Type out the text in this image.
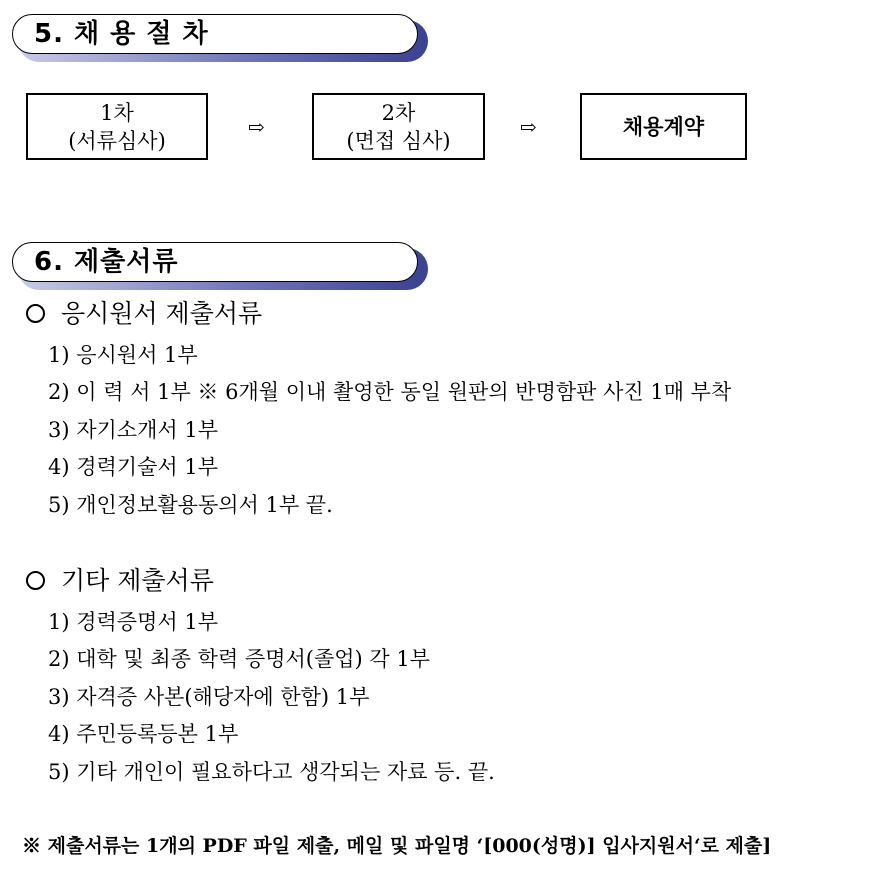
5. 채 용 절 차
1차
(서류심사)
⇨
2차
(면접 심사)
⇨	채용계약
6. 제출서류
응시원서 제출서류
1) 응시원서 1부
2) 이 력 서 1부 ※ 6개월 이내 촬영한 동일 원판의 반명함판 사진 1매 부착
3) 자기소개서 1부
4) 경력기술서 1부
5) 개인정보활용동의서 1부 끝.
기타 제출서류
1) 경력증명서 1부
2) 대학 및 최종 학력 증명서(졸업) 각 1부
3) 자격증 사본(해당자에 한함) 1부
4) 주민등록등본 1부
5) 기타 개인이 필요하다고 생각되는 자료 등. 끝.
※ 제출서류는 1개의 PDF 파일 제출, 메일 및 파일명 ‘[000(성명)] 입사지원서‘로 제출]
